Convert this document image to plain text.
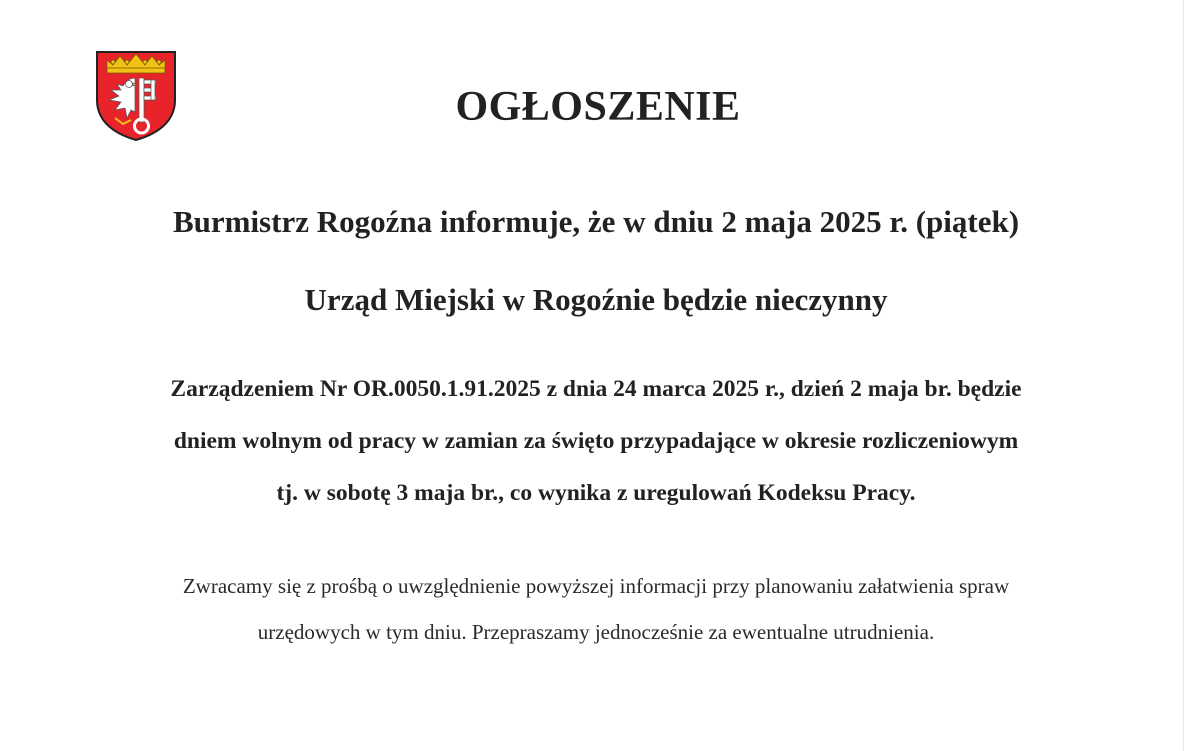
OGŁOSZENIE

Burmistrz Rogoźna informuje, że w dniu 2 maja 2025 r. (piątek)

Urząd Miejski w Rogoźnie będzie nieczynny

Zarządzeniem Nr OR.0050.1.91.2025 z dnia 24 marca 2025 r., dzień 2 maja br. będzie
dniem wolnym od pracy w zamian za święto przypadające w okresie rozliczeniowym
tj. w sobotę 3 maja br., co wynika z uregulowań Kodeksu Pracy.

Zwracamy się z prośbą o uwzględnienie powyższej informacji przy planowaniu załatwienia spraw
urzędowych w tym dniu. Przepraszamy jednocześnie za ewentualne utrudnienia.
